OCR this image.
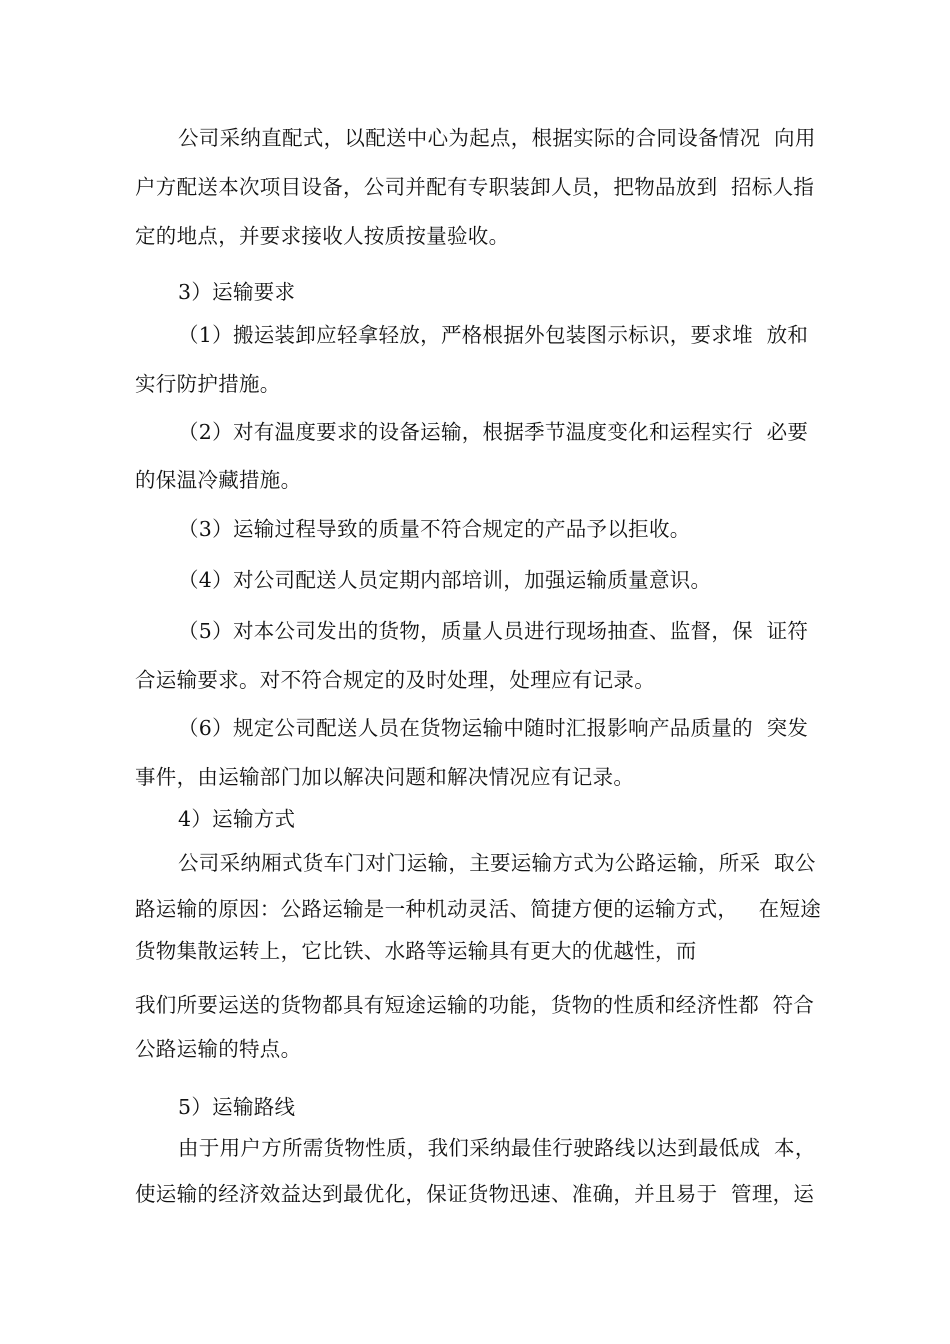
公司采纳直配式，以配送中心为起点，根据实际的合同设备情况  向用
户方配送本次项目设备，公司并配有专职装卸人员，把物品放到  招标人指
定的地点，并要求接收人按质按量验收。
3）运输要求
（1）搬运装卸应轻拿轻放，严格根据外包装图示标识，要求堆  放和
实行防护措施。
（2）对有温度要求的设备运输，根据季节温度变化和运程实行  必要
的保温冷藏措施。
（3）运输过程导致的质量不符合规定的产品予以拒收。
（4）对公司配送人员定期内部培训，加强运输质量意识。
（5）对本公司发出的货物，质量人员进行现场抽查、监督，保  证符
合运输要求。对不符合规定的及时处理，处理应有记录。
（6）规定公司配送人员在货物运输中随时汇报影响产品质量的  突发
事件，由运输部门加以解决问题和解决情况应有记录。
4）运输方式
公司采纳厢式货车门对门运输，主要运输方式为公路运输，所采  取公
路运输的原因：公路运输是一种机动灵活、简捷方便的运输方式，   在短途
货物集散运转上，它比铁、水路等运输具有更大的优越性，而
我们所要运送的货物都具有短途运输的功能，货物的性质和经济性都  符合
公路运输的特点。
5）运输路线
由于用户方所需货物性质，我们采纳最佳行驶路线以达到最低成  本，
使运输的经济效益达到最优化，保证货物迅速、准确，并且易于  管理，运
